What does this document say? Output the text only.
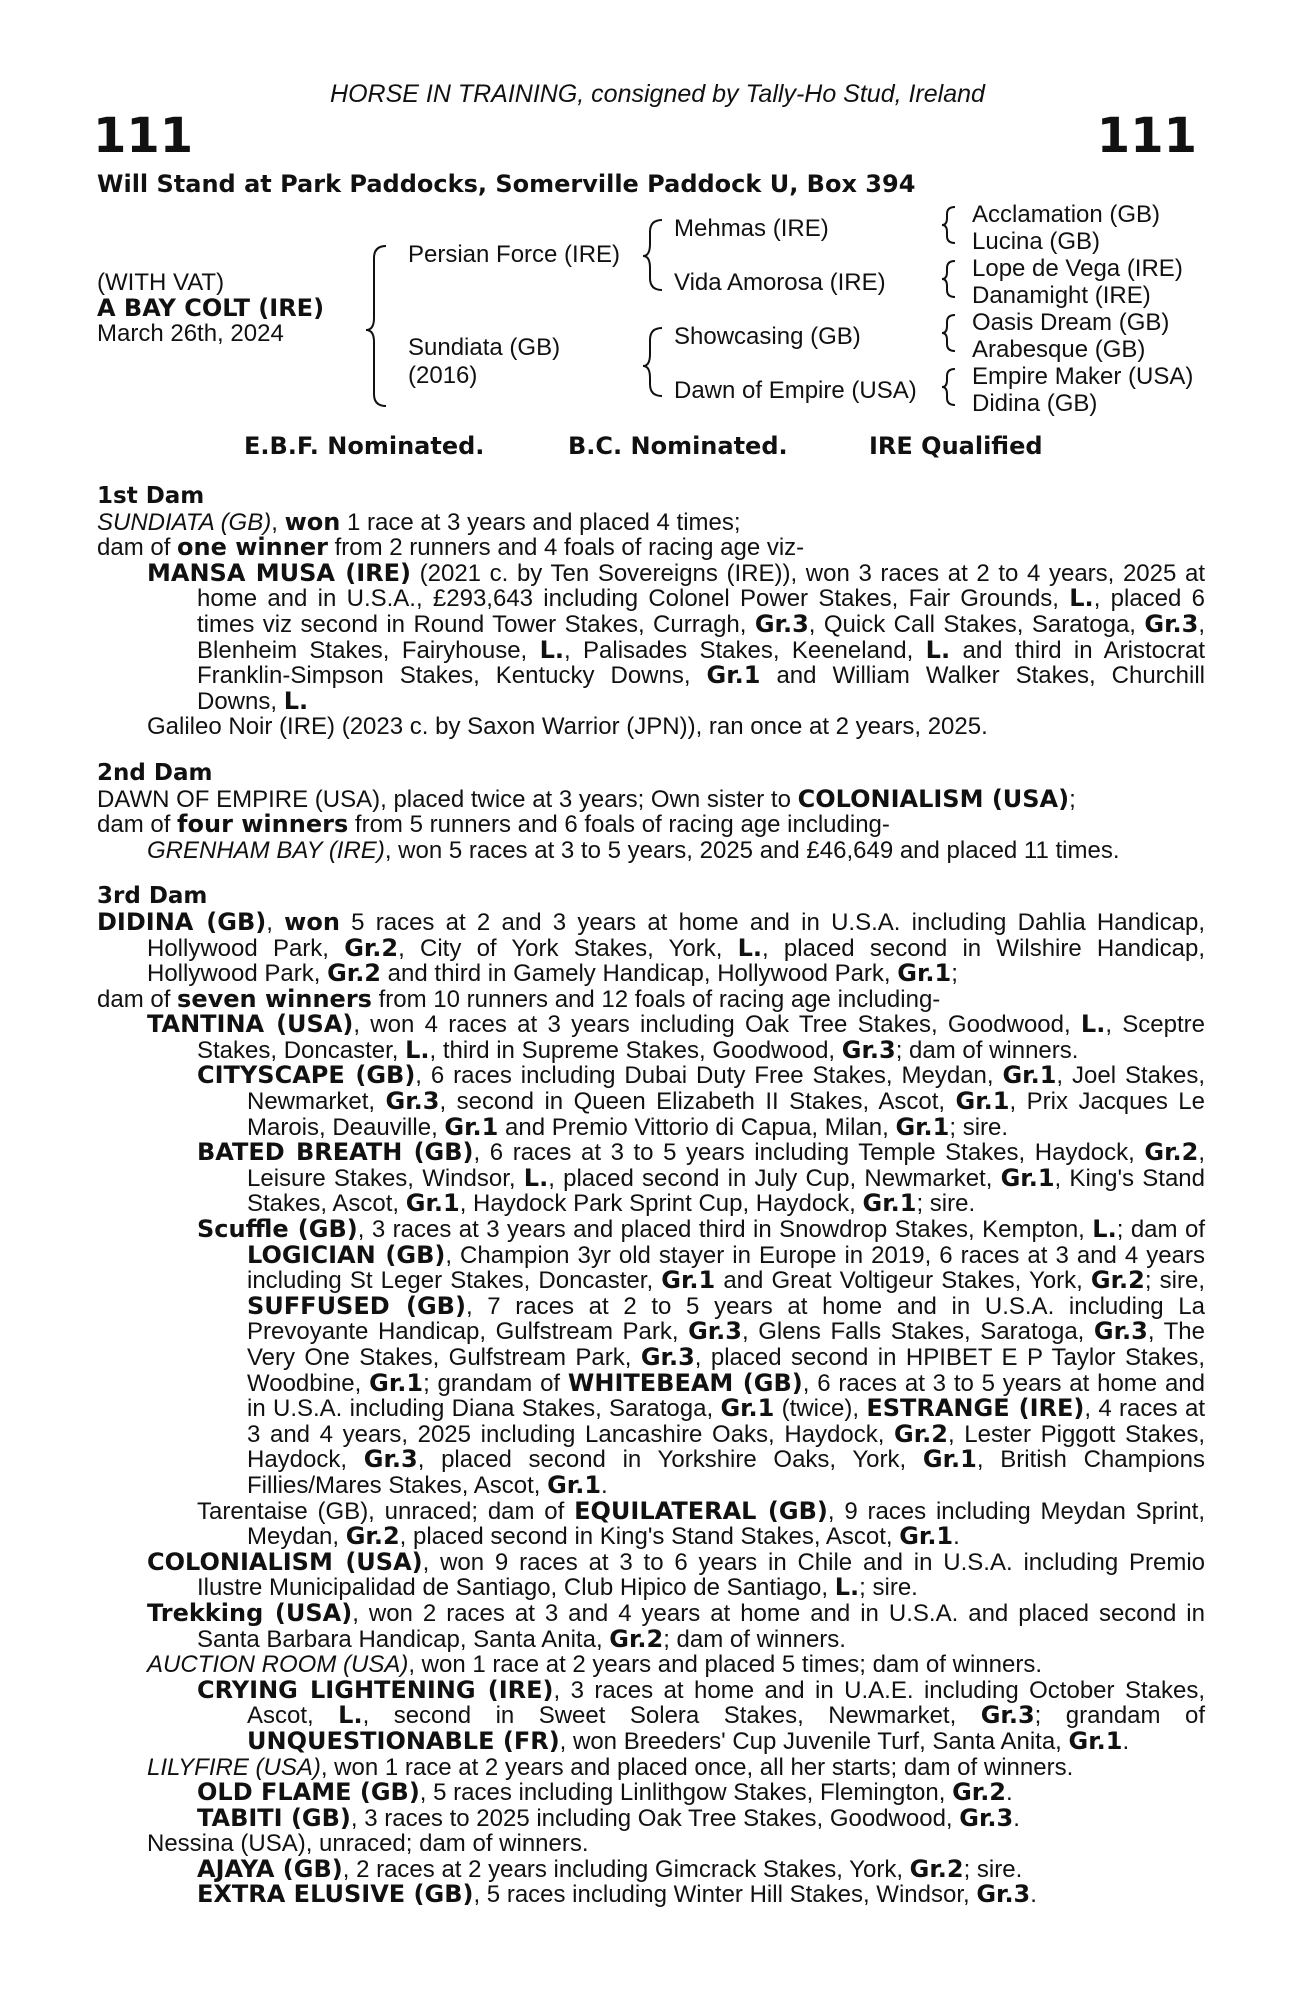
HORSE IN TRAINING, consigned by Tally-Ho Stud, Ireland
111	111
Will Stand at Park Paddocks, Somerville Paddock U, Box 394
(WITH VAT)
A BAY COLT (IRE)
March 26th, 2024
Persian Force (IRE)
Sundiata (GB)
(2016)
Mehmas (IRE)
Vida Amorosa (IRE)
Showcasing (GB)
Dawn of Empire (USA)
Acclamation (GB)
Lucina (GB)
Lope de Vega (IRE)
Danamight (IRE)
Oasis Dream (GB)
Arabesque (GB)
Empire Maker (USA)
Didina (GB)
E.B.F. Nominated.	B.C. Nominated.	IRE Qualified
1st Dam

SUNDIATA (GB), won 1 race at 3 years and placed 4 times;

dam of one winner from 2 runners and 4 foals of racing age viz-

MANSA MUSA (IRE) (2021 c. by Ten Sovereigns (IRE)), won 3 races at 2 to 4 years, 2025 at home and in U.S.A., £293,643 including Colonel Power Stakes, Fair Grounds, L., placed 6 times viz second in Round Tower Stakes, Curragh, Gr.3, Quick Call Stakes, Saratoga, Gr.3, Blenheim Stakes, Fairyhouse, L., Palisades Stakes, Keeneland, L. and third in Aristocrat Franklin-Simpson Stakes, Kentucky Downs, Gr.1 and William Walker Stakes, Churchill Downs, L.

Galileo Noir (IRE) (2023 c. by Saxon Warrior (JPN)), ran once at 2 years, 2025.

2nd Dam

DAWN OF EMPIRE (USA), placed twice at 3 years; Own sister to COLONIALISM (USA);

dam of four winners from 5 runners and 6 foals of racing age including-

GRENHAM BAY (IRE), won 5 races at 3 to 5 years, 2025 and £46,649 and placed 11 times.

3rd Dam

DIDINA (GB), won 5 races at 2 and 3 years at home and in U.S.A. including Dahlia Handicap, Hollywood Park, Gr.2, City of York Stakes, York, L., placed second in Wilshire Handicap, Hollywood Park, Gr.2 and third in Gamely Handicap, Hollywood Park, Gr.1;

dam of seven winners from 10 runners and 12 foals of racing age including-

TANTINA (USA), won 4 races at 3 years including Oak Tree Stakes, Goodwood, L., Sceptre Stakes, Doncaster, L., third in Supreme Stakes, Goodwood, Gr.3; dam of winners.

CITYSCAPE (GB), 6 races including Dubai Duty Free Stakes, Meydan, Gr.1, Joel Stakes, Newmarket, Gr.3, second in Queen Elizabeth II Stakes, Ascot, Gr.1, Prix Jacques Le Marois, Deauville, Gr.1 and Premio Vittorio di Capua, Milan, Gr.1; sire.

BATED BREATH (GB), 6 races at 3 to 5 years including Temple Stakes, Haydock, Gr.2, Leisure Stakes, Windsor, L., placed second in July Cup, Newmarket, Gr.1, King's Stand Stakes, Ascot, Gr.1, Haydock Park Sprint Cup, Haydock, Gr.1; sire.

Scuffle (GB), 3 races at 3 years and placed third in Snowdrop Stakes, Kempton, L.; dam of LOGICIAN (GB), Champion 3yr old stayer in Europe in 2019, 6 races at 3 and 4 years including St Leger Stakes, Doncaster, Gr.1 and Great Voltigeur Stakes, York, Gr.2; sire, SUFFUSED (GB), 7 races at 2 to 5 years at home and in U.S.A. including La Prevoyante Handicap, Gulfstream Park, Gr.3, Glens Falls Stakes, Saratoga, Gr.3, The Very One Stakes, Gulfstream Park, Gr.3, placed second in HPIBET E P Taylor Stakes, Woodbine, Gr.1; grandam of WHITEBEAM (GB), 6 races at 3 to 5 years at home and in U.S.A. including Diana Stakes, Saratoga, Gr.1 (twice), ESTRANGE (IRE), 4 races at 3 and 4 years, 2025 including Lancashire Oaks, Haydock, Gr.2, Lester Piggott Stakes, Haydock, Gr.3, placed second in Yorkshire Oaks, York, Gr.1, British Champions Fillies/Mares Stakes, Ascot, Gr.1.

Tarentaise (GB), unraced; dam of EQUILATERAL (GB), 9 races including Meydan Sprint, Meydan, Gr.2, placed second in King's Stand Stakes, Ascot, Gr.1.

COLONIALISM (USA), won 9 races at 3 to 6 years in Chile and in U.S.A. including Premio Ilustre Municipalidad de Santiago, Club Hipico de Santiago, L.; sire.

Trekking (USA), won 2 races at 3 and 4 years at home and in U.S.A. and placed second in Santa Barbara Handicap, Santa Anita, Gr.2; dam of winners.

AUCTION ROOM (USA), won 1 race at 2 years and placed 5 times; dam of winners.

CRYING LIGHTENING (IRE), 3 races at home and in U.A.E. including October Stakes, Ascot, L., second in Sweet Solera Stakes, Newmarket, Gr.3; grandam of UNQUESTIONABLE (FR), won Breeders' Cup Juvenile Turf, Santa Anita, Gr.1.

LILYFIRE (USA), won 1 race at 2 years and placed once, all her starts; dam of winners.

OLD FLAME (GB), 5 races including Linlithgow Stakes, Flemington, Gr.2.

TABITI (GB), 3 races to 2025 including Oak Tree Stakes, Goodwood, Gr.3.

Nessina (USA), unraced; dam of winners.

AJAYA (GB), 2 races at 2 years including Gimcrack Stakes, York, Gr.2; sire.

EXTRA ELUSIVE (GB), 5 races including Winter Hill Stakes, Windsor, Gr.3.
